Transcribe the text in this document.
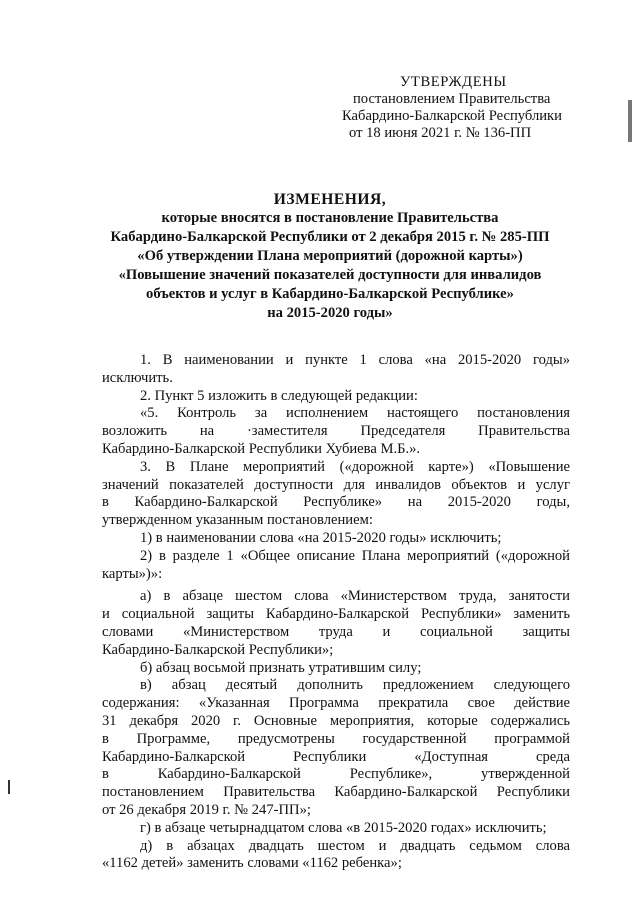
УТВЕРЖДЕНЫ
постановлением Правительства
Кабардино-Балкарской Республики
от 18 июня 2021 г. № 136-ПП
ИЗМЕНЕНИЯ,
которые вносятся в постановление Правительства
Кабардино-Балкарской Республики от 2 декабря 2015 г. № 285-ПП
«Об утверждении Плана мероприятий (дорожной карты»)
«Повышение значений показателей доступности для инвалидов
объектов и услуг в Кабардино-Балкарской Республике»
на 2015-2020 годы»
1. В наименовании и пункте 1 слова «на 2015-2020 годы»
исключить.
2. Пункт 5 изложить в следующей редакции:
«5. Контроль за исполнением настоящего постановления
возложить на ·заместителя Председателя Правительства
Кабардино-Балкарской Республики Хубиева М.Б.».
3. В Плане мероприятий («дорожной карте») «Повышение
значений показателей доступности для инвалидов объектов и услуг
в Кабардино-Балкарской Республике» на 2015-2020 годы,
утвержденном указанным постановлением:
1) в наименовании слова «на 2015-2020 годы» исключить;
2) в разделе 1 «Общее описание Плана мероприятий («дорожной
карты»)»:
а) в абзаце шестом слова «Министерством труда, занятости
и социальной защиты Кабардино-Балкарской Республики» заменить
словами «Министерством труда и социальной защиты
Кабардино-Балкарской Республики»;
б) абзац восьмой признать утратившим силу;
в) абзац десятый дополнить предложением следующего
содержания: «Указанная Программа прекратила свое действие
31 декабря 2020 г. Основные мероприятия, которые содержались
в Программе, предусмотрены государственной программой
Кабардино-Балкарской Республики «Доступная среда
в Кабардино-Балкарской Республике», утвержденной
постановлением Правительства Кабардино-Балкарской Республики
от 26 декабря 2019 г. № 247-ПП»;
г) в абзаце четырнадцатом слова «в 2015-2020 годах» исключить;
д) в абзацах двадцать шестом и двадцать седьмом слова
«1162 детей» заменить словами «1162 ребенка»;
